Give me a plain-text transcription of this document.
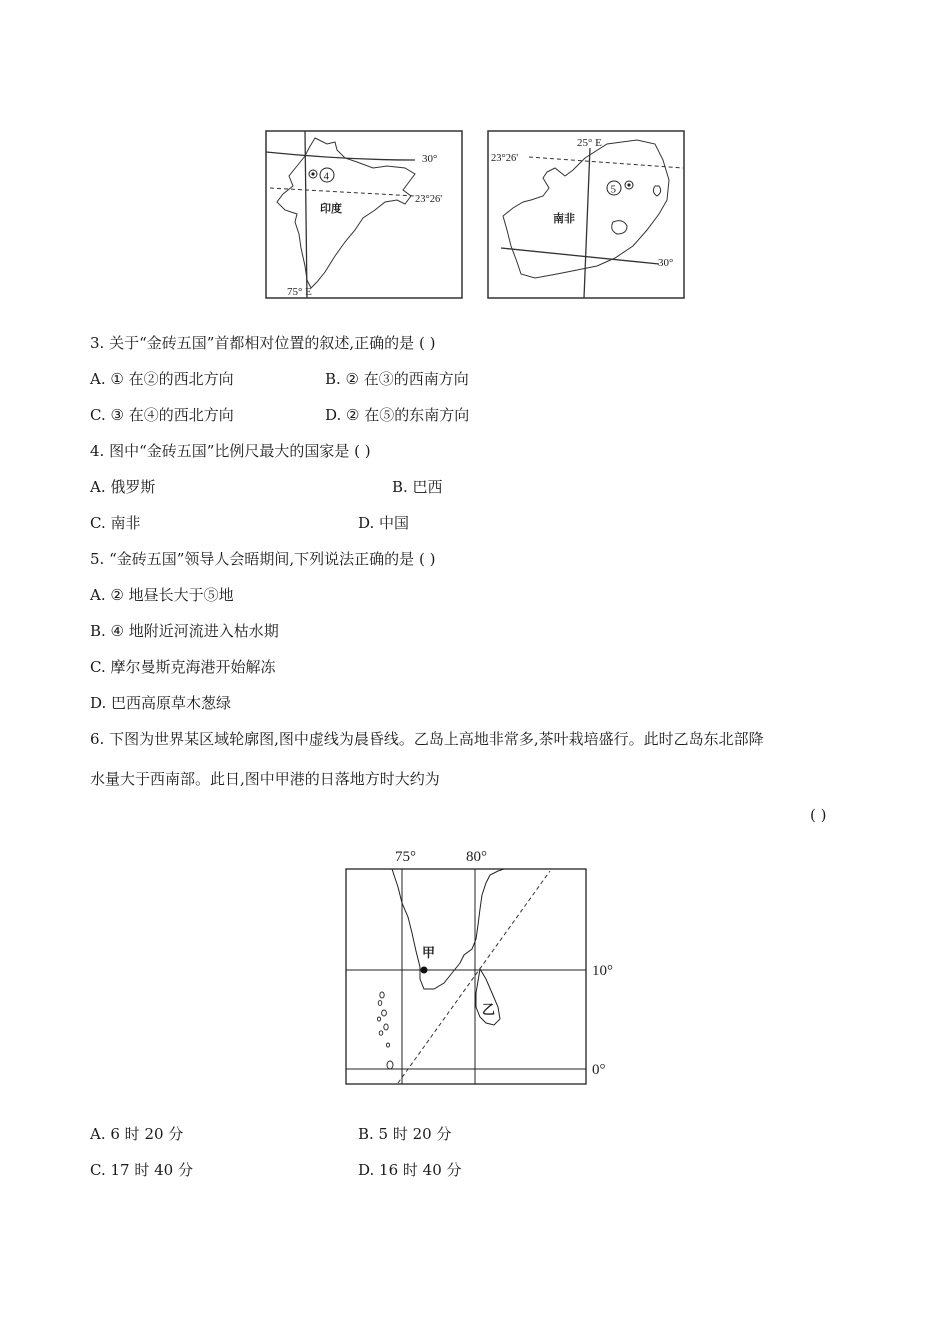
4
30°
23°26'
印度
75° E
25° E
23°26'
5
南非
30°
3. 关于“金砖五国”首都相对位置的叙述,正确的是 ( )
A. ① 在②的西北方向	B. ② 在③的西南方向
C. ③ 在④的西北方向	D. ② 在⑤的东南方向
4. 图中“金砖五国”比例尺最大的国家是 ( )
A. 俄罗斯	B. 巴西
C. 南非	D. 中国
5. “金砖五国”领导人会晤期间,下列说法正确的是 ( )
A. ② 地昼长大于⑤地
B. ④ 地附近河流进入枯水期
C. 摩尔曼斯克海港开始解冻
D. 巴西高原草木葱绿
6. 下图为世界某区域轮廓图,图中虚线为晨昏线。乙岛上高地非常多,茶叶栽培盛行。此时乙岛东北部降
水量大于西南部。此日,图中甲港的日落地方时大约为
( )
75°	80°
10°
0°
乙
甲
A. 6 时 20 分	B. 5 时 20 分
C. 17 时 40 分	D. 16 时 40 分
